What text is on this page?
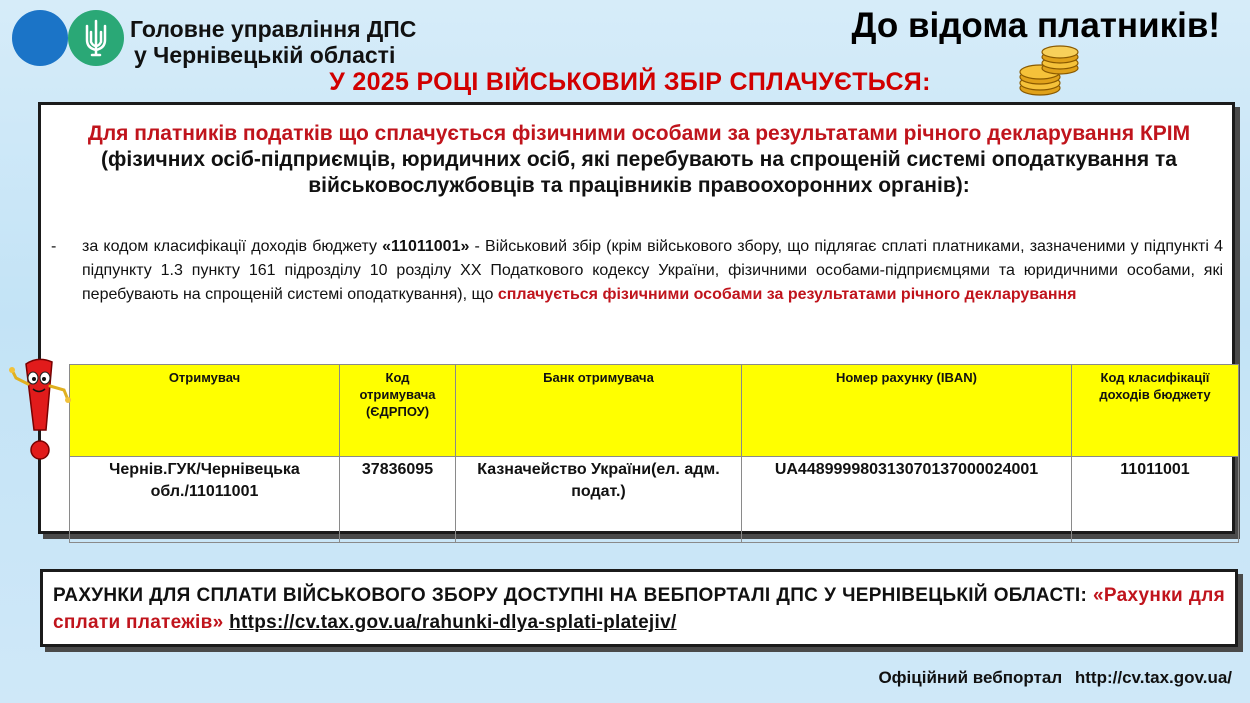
Головне управління ДПС
у Чернівецькій області
До відома платників!
У 2025 РОЦІ ВІЙСЬКОВИЙ ЗБІР СПЛАЧУЄТЬСЯ:
Для платників податків що сплачується фізичними особами за результатами річного декларування КРІМ (фізичних осіб-підприємців, юридичних осіб, які перебувають на спрощеній системі оподаткування та військовослужбовців та працівників правоохоронних органів):
- за кодом класифікації доходів бюджету «11011001» - Військовий збір (крім військового збору, що підлягає сплаті платниками, зазначеними у підпункті 4 підпункту 1.3 пункту 161 підрозділу 10 розділу XX Податкового кодексу України, фізичними особами-підприємцями та юридичними особами, які перебувають на спрощеній системі оподаткування), що сплачується фізичними особами за результатами річного декларування
Отримувач	Код отримувача (ЄДРПОУ)	Банк отримувача	Номер рахунку (IBAN)	Код класифікації доходів бюджету
Чернів.ГУК/Чернівецька обл./11011001	37836095	Казначейство України(ел. адм. подат.)	UA448999980313070137000024001	11011001
РАХУНКИ ДЛЯ СПЛАТИ ВІЙСЬКОВОГО ЗБОРУ ДОСТУПНІ НА ВЕБПОРТАЛІ ДПС У ЧЕРНІВЕЦЬКІЙ ОБЛАСТІ: «Рахунки для сплати платежів» https://cv.tax.gov.ua/rahunki-dlya-splati-platejiv/
Офіційний вебпортал http://cv.tax.gov.ua/
